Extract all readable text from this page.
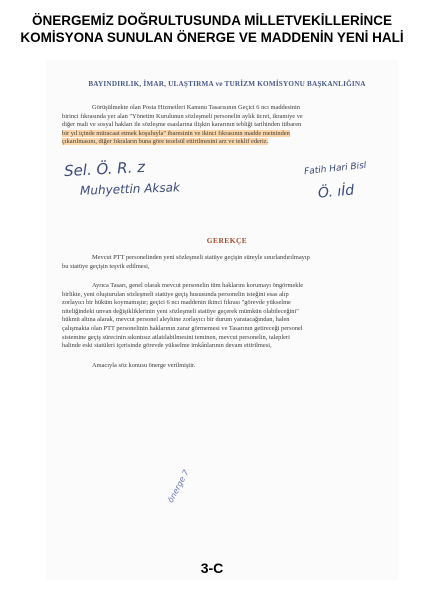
ÖNERGEMİZ DOĞRULTUSUNDA MİLLETVEKİLLERİNCE
KOMİSYONA SUNULAN ÖNERGE VE MADDENİN YENİ HALİ
BAYINDIRLIK, İMAR, ULAŞTIRMA ve TURİZM KOMİSYONU BAŞKANLIĞINA
Görüşülmekte olan Posta Hizmetleri Kanunu Tasarısının Geçici 6 ncı maddesinin
birinci fıkrasında yer alan "Yönetim Kurulunun sözleşmeli personelin aylık ücret, ikramiye ve
diğer mali ve sosyal hakları ile sözleşme esaslarına ilişkin kararının tebliği tarihinden itibaren
bir yıl içinde müracaat etmek koşuluyla" ibaresinin ve ikinci fıkrasının madde metninden
çıkarılmasını, diğer fıkraların buna göre teselsül ettirilmesini arz ve teklif ederiz.
Sel. Ö. R. z
Muhyettin Aksak
Fatih Hari Bisl
Ö. ıİd
GEREKÇE
Mevcut PTT personelinden yeni sözleşmeli statüye geçişin süreyle sınırlandırılmayıp
bu statüye geçişin teşvik edilmesi,
Ayrıca Tasarı, genel olarak mevcut personelin tüm haklarını korumayı öngörmekle
birlikte, yeni oluşturulan sözleşmeli statüye geçiş hususunda personelin isteğini esas alıp
zorlayıcı bir hüküm koymamıştır; geçici 6 ncı maddenin ikinci fıkrası "görevde yükselme
niteliğindeki unvan değişikliklerinin yeni sözleşmeli statüye geçerek mümkün olabileceğini"
hükmü altına alarak, mevcut personel aleyhine zorlayıcı bir durum yaratacağından, halen
çalışmakta olan PTT personelinin haklarının zarar görmemesi ve Tasarının getireceği personel
sistemine geçiş sürecinin sıkıntısız atlatılabilmesini teminen, mevcut personelin, talepleri
halinde eski statüleri içerisinde görevde yükselme imkânlarının devam ettirilmesi,
Amacıyla söz konusu önerge verilmiştir.
önerge 7
3-C
